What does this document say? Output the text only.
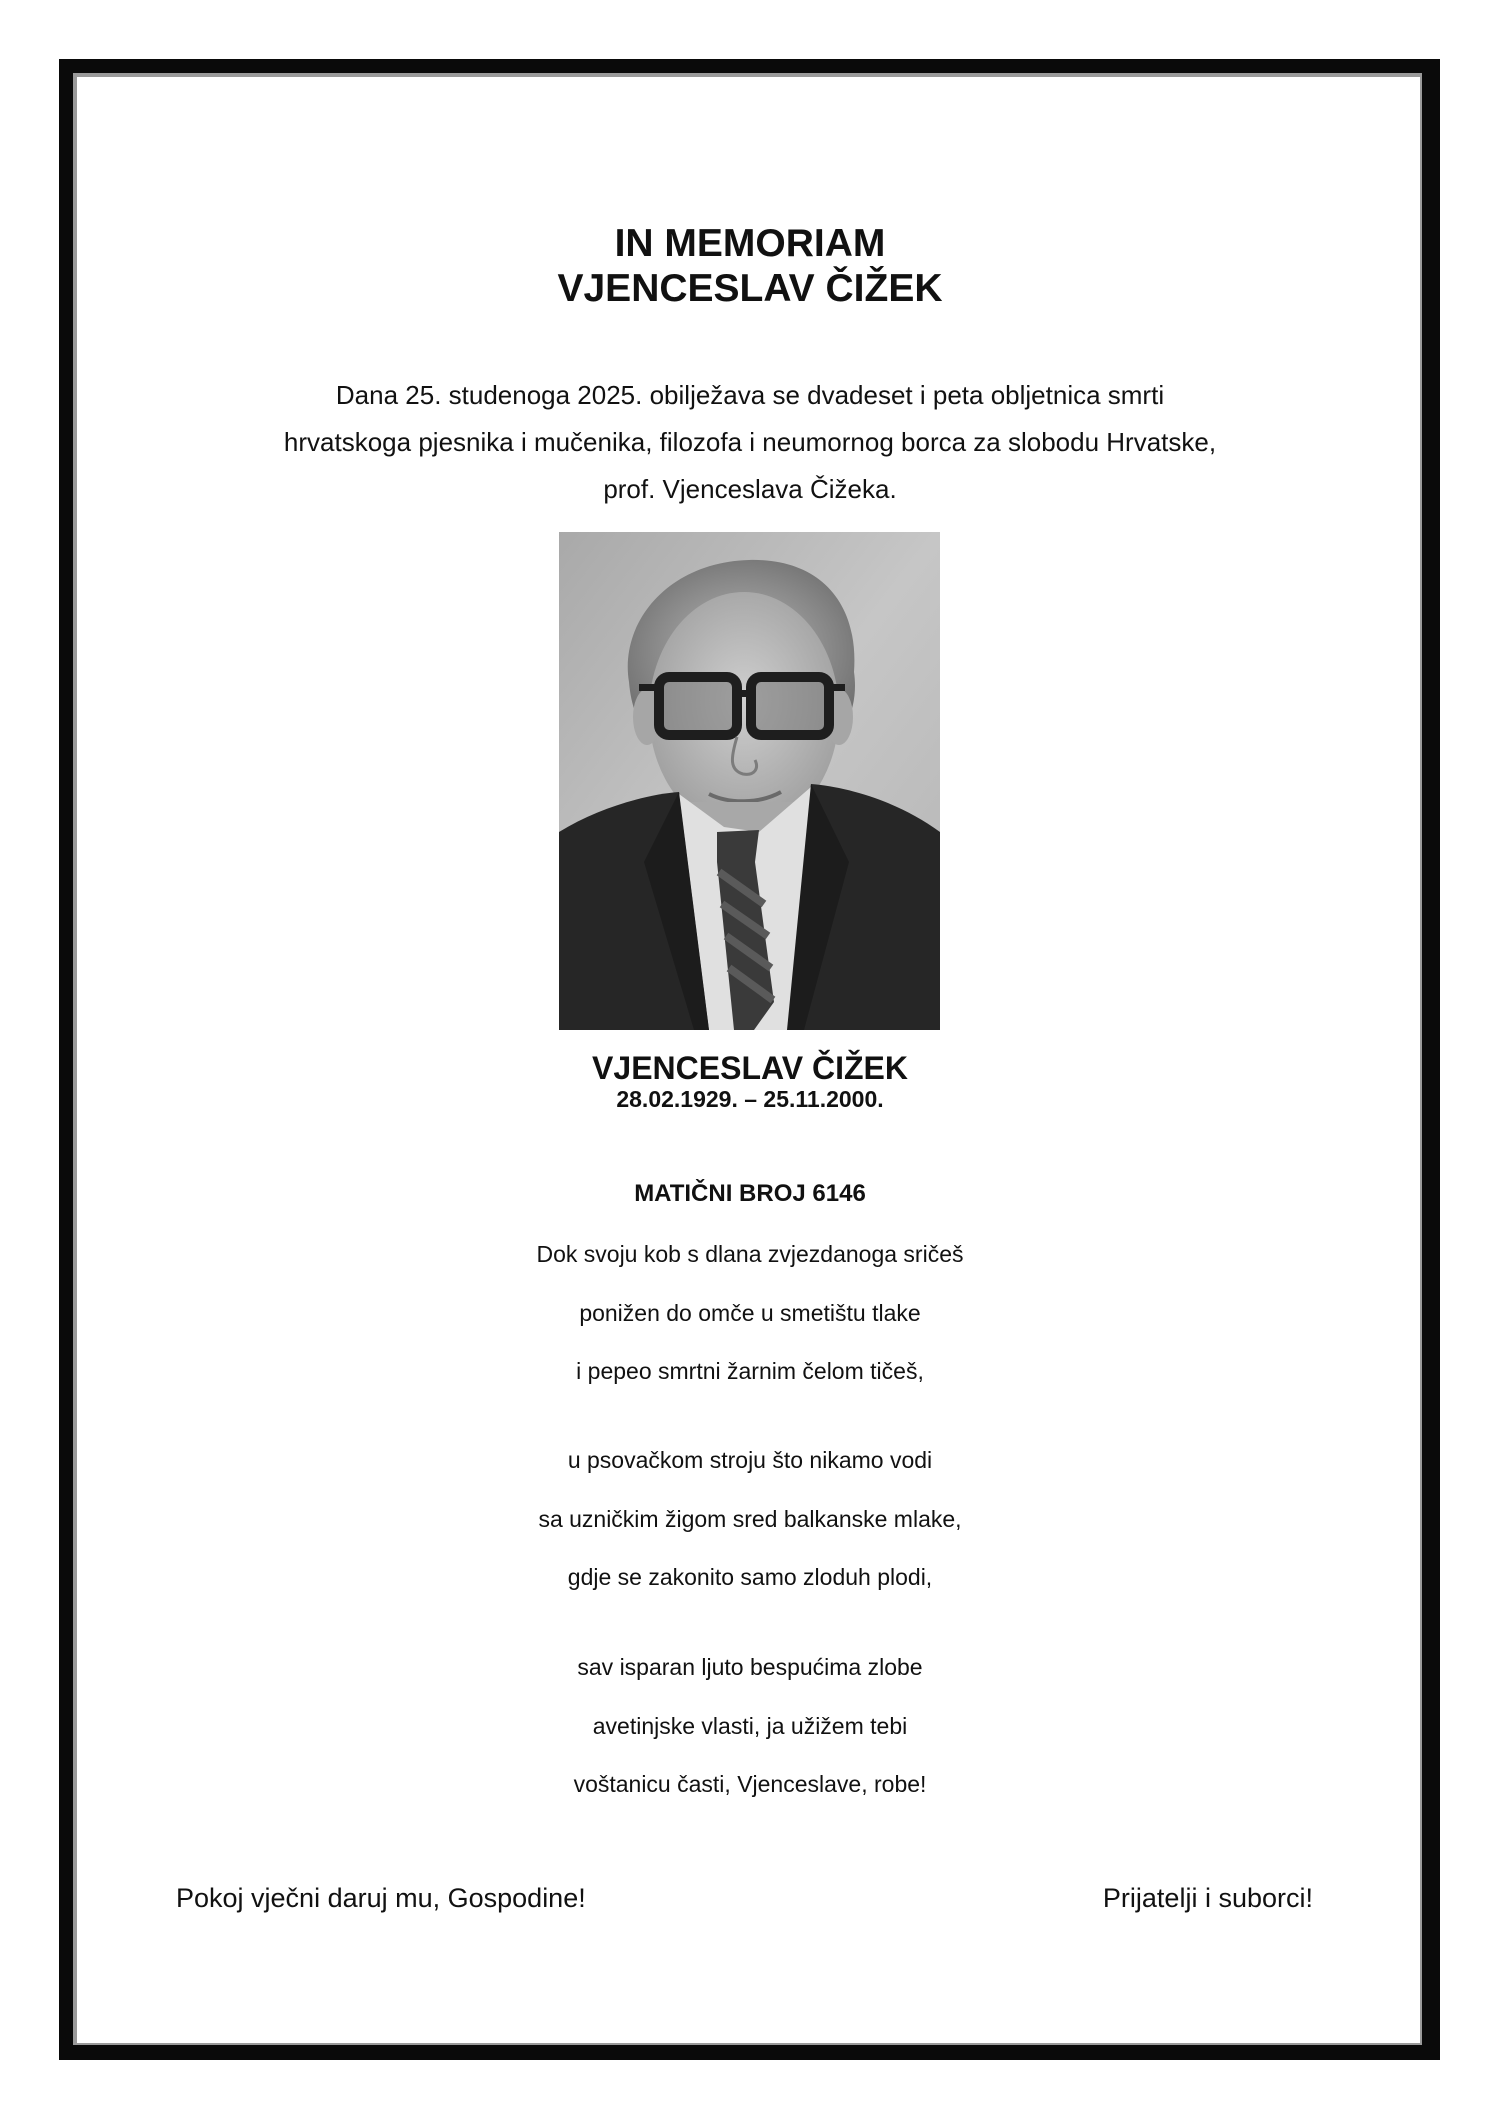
IN MEMORIAM
VJENCESLAV ČIŽEK
Dana 25. studenoga 2025. obilježava se dvadeset i peta obljetnica smrti
hrvatskoga pjesnika i mučenika, filozofa i neumornog borca za slobodu Hrvatske,
prof. Vjenceslava Čižeka.
VJENCESLAV ČIŽEK
28.02.1929. – 25.11.2000.
MATIČNI BROJ 6146
Dok svoju kob s dlana zvjezdanoga sričeš
ponižen do omče u smetištu tlake
i pepeo smrtni žarnim čelom tičeš,
u psovačkom stroju što nikamo vodi
sa uzničkim žigom sred balkanske mlake,
gdje se zakonito samo zloduh plodi,
sav isparan ljuto bespućima zlobe
avetinjske vlasti, ja užižem tebi
voštanicu časti, Vjenceslave, robe!
Pokoj vječni daruj mu, Gospodine!	Prijatelji i suborci!
